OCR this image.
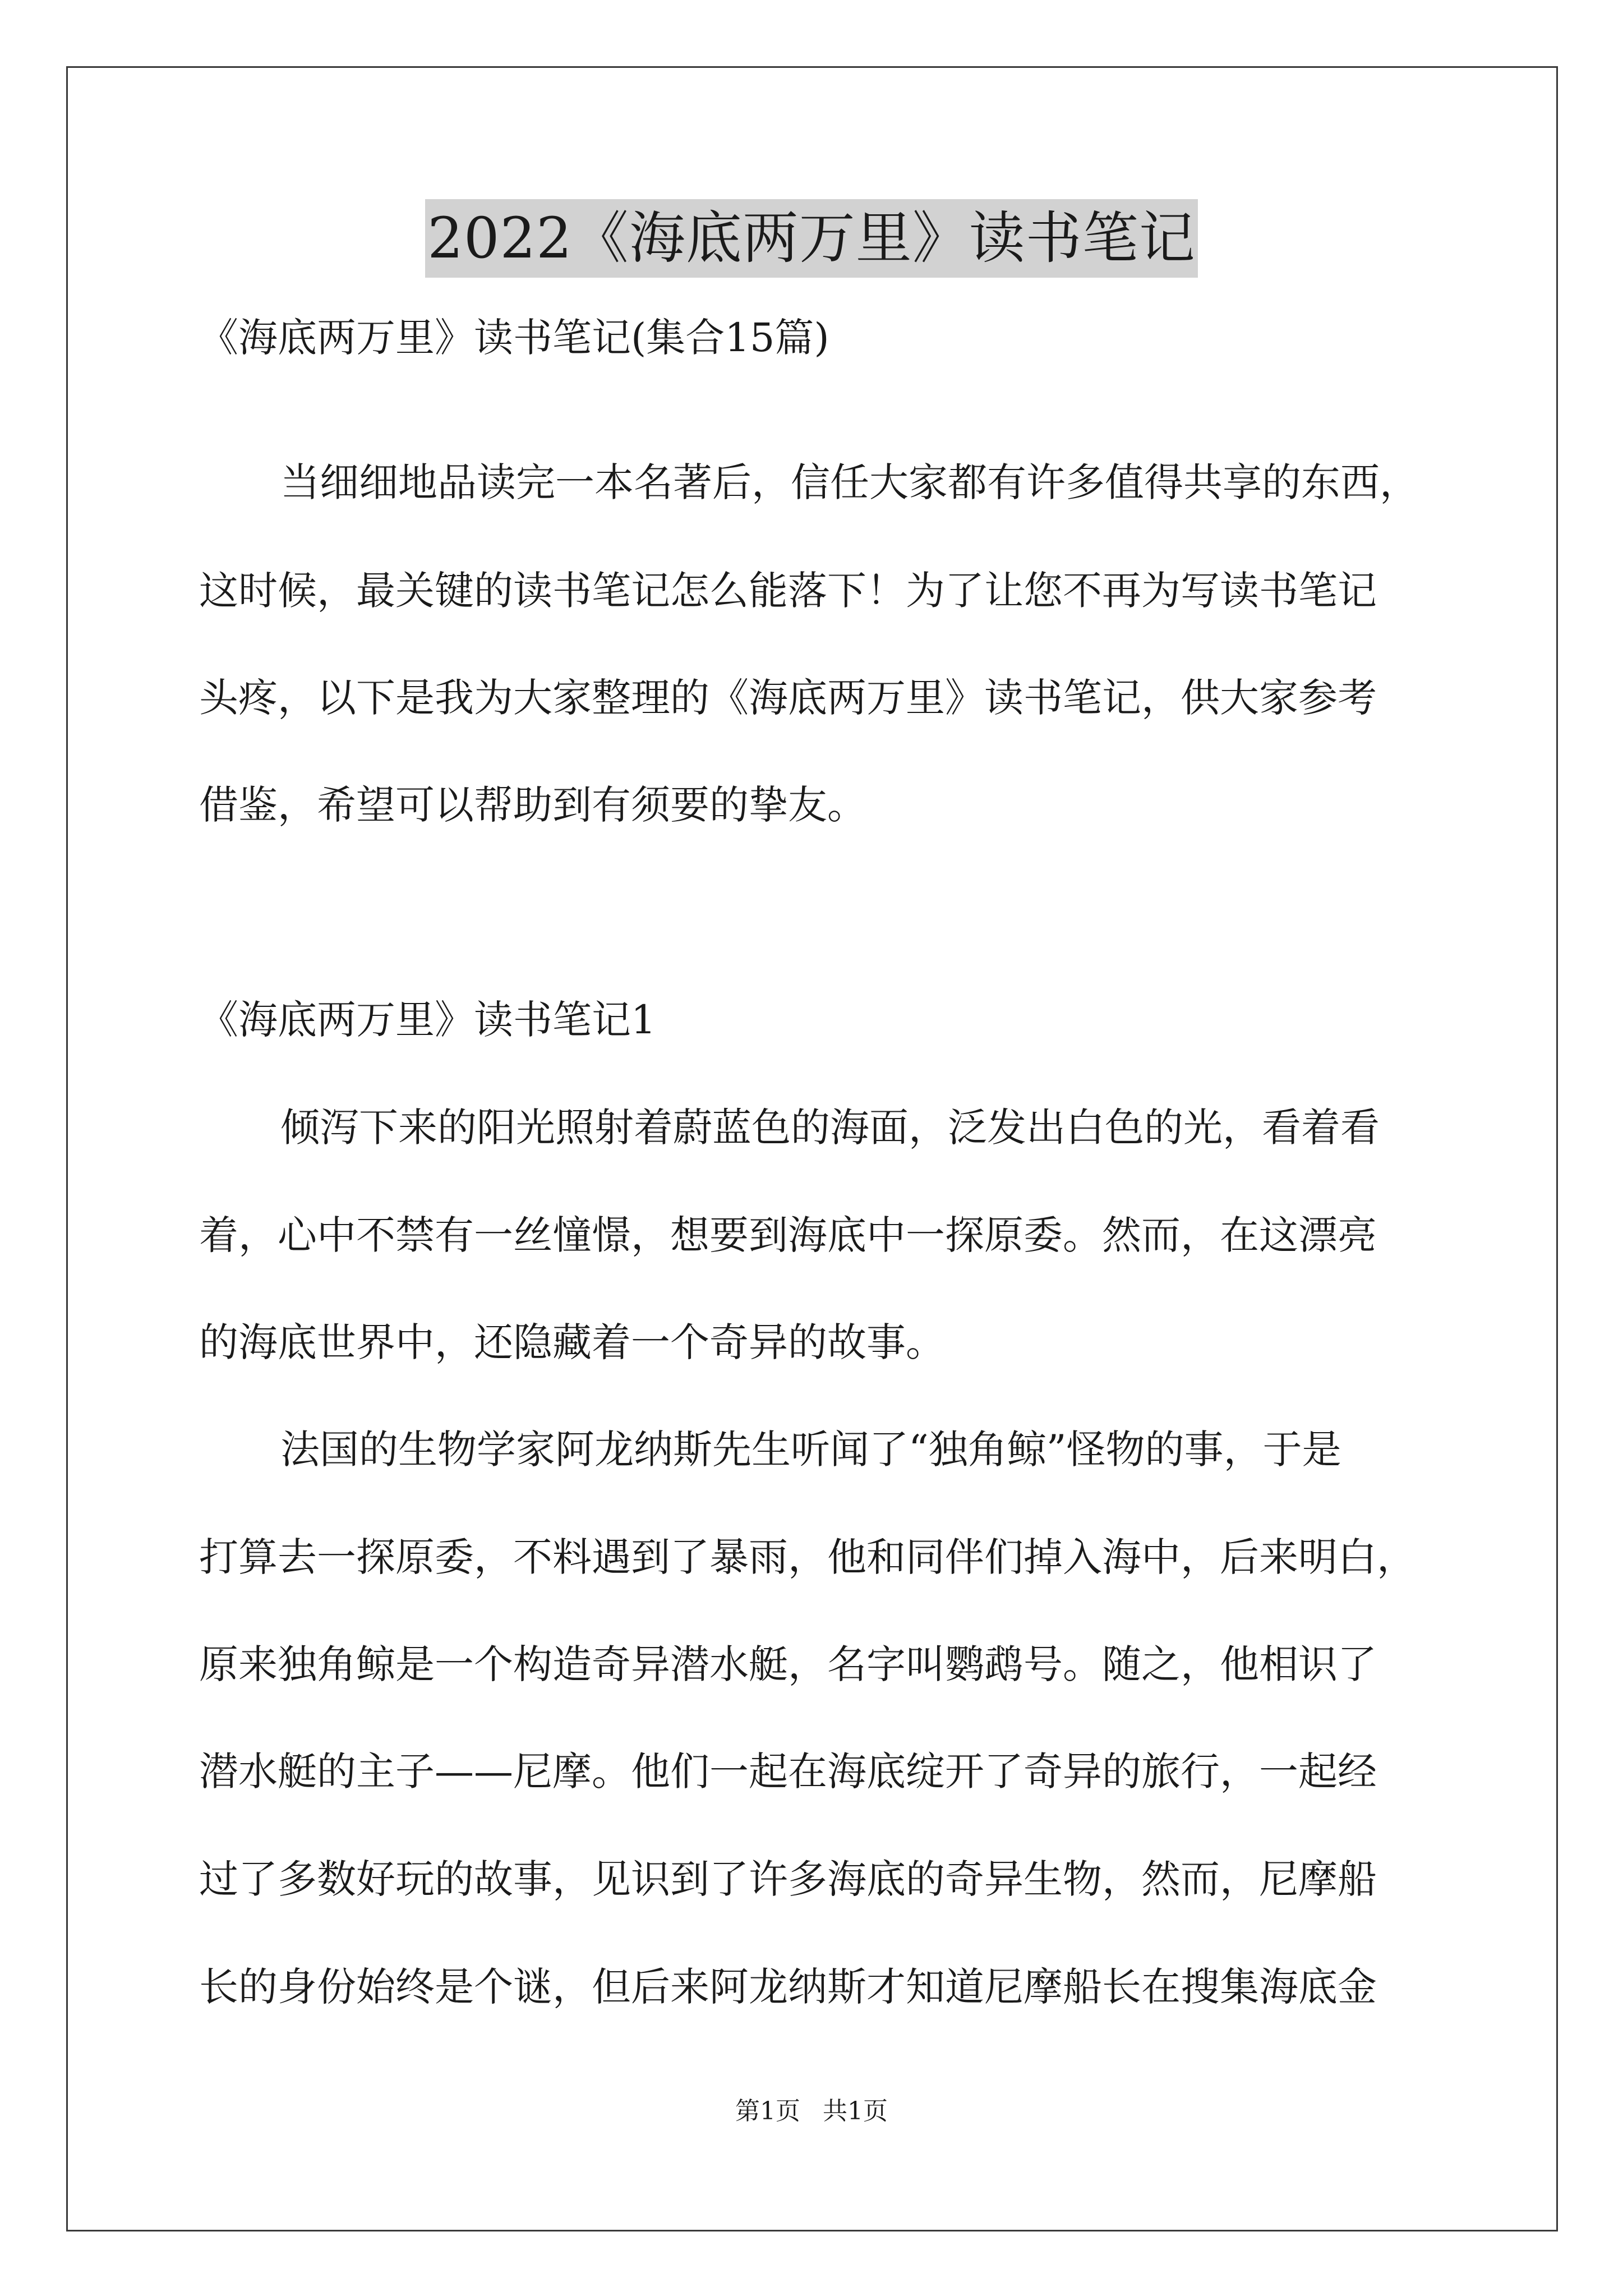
2022《海底两万里》读书笔记
《海底两万里》读书笔记(集合15篇)
当细细地品读完一本名著后，信任大家都有许多值得共享的东西，
这时候，最关键的读书笔记怎么能落下！为了让您不再为写读书笔记
头疼，以下是我为大家整理的《海底两万里》读书笔记，供大家参考
借鉴，希望可以帮助到有须要的挚友。
《海底两万里》读书笔记1
倾泻下来的阳光照射着蔚蓝色的海面，泛发出白色的光，看着看
着，心中不禁有一丝憧憬，想要到海底中一探原委。然而，在这漂亮
的海底世界中，还隐藏着一个奇异的故事。
法国的生物学家阿龙纳斯先生听闻了“独角鲸”怪物的事，于是
打算去一探原委，不料遇到了暴雨，他和同伴们掉入海中，后来明白，
原来独角鲸是一个构造奇异潜水艇，名字叫鹦鹉号。随之，他相识了
潜水艇的主子——尼摩。他们一起在海底绽开了奇异的旅行，一起经
过了多数好玩的故事，见识到了许多海底的奇异生物，然而，尼摩船
长的身份始终是个谜，但后来阿龙纳斯才知道尼摩船长在搜集海底金
第1页 共1页
